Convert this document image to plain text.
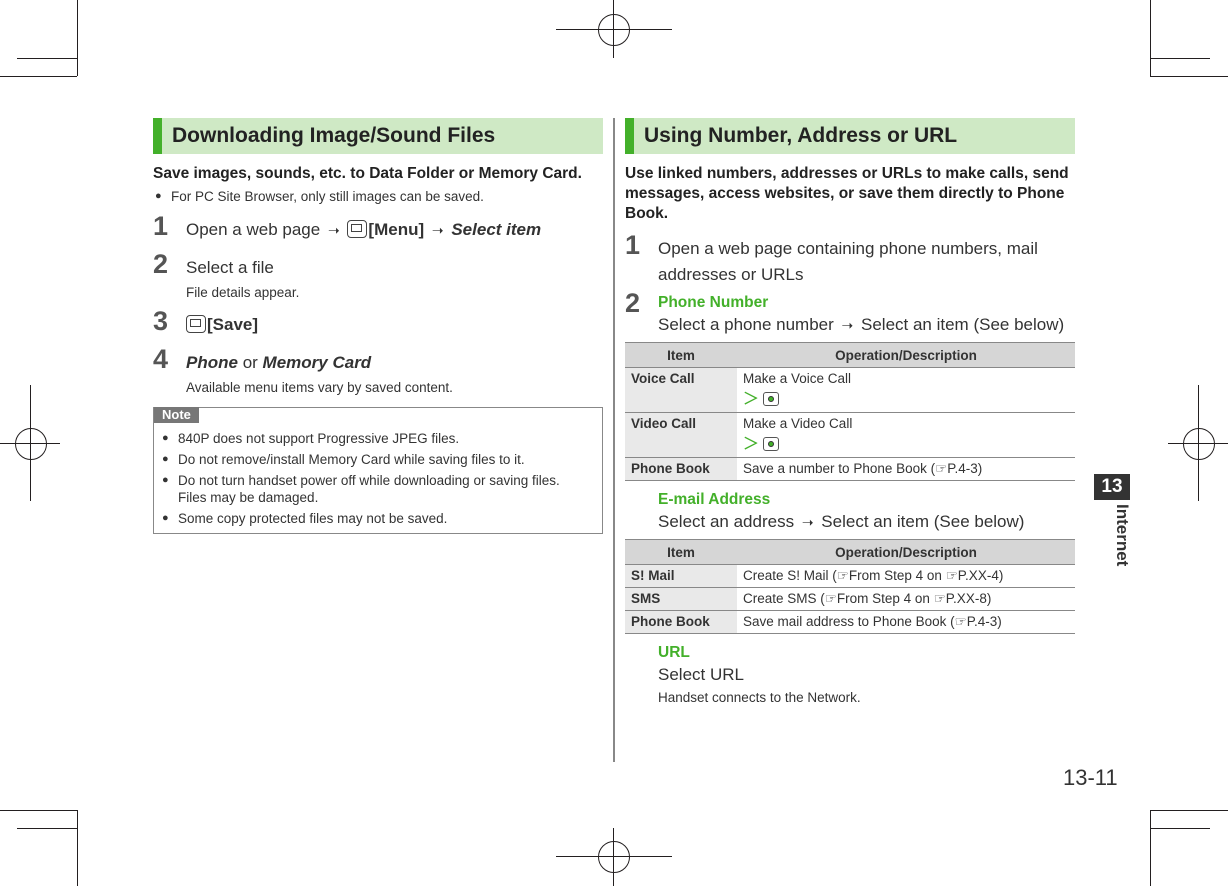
Downloading Image/Sound Files
Save images, sounds, etc. to Data Folder or Memory Card.
● For PC Site Browser, only still images can be saved.
1 Open a web page ➝ [Menu] ➝ Select item
2 Select a file
File details appear.
3	[Save]
4 Phone or Memory Card
Available menu items vary by saved content.
Note
● 840P does not support Progressive JPEG files.
● Do not remove/install Memory Card while saving files to it.
● Do not turn handset power off while downloading or saving files.
Files may be damaged.
● Some copy protected files may not be saved.
Using Number, Address or URL
Use linked numbers, addresses or URLs to make calls, send messages, access websites, or save them directly to Phone Book.
1 Open a web page containing phone numbers, mail
addresses or URLs
2 Phone Number
Select a phone number ➝ Select an item (See below)
Item	Operation/Description
Voice Call	Make a Voice Call
＞
Video Call	Make a Video Call
＞
Phone Book	Save a number to Phone Book (☞P.4-3)
E-mail Address
Select an address ➝ Select an item (See below)
Item	Operation/Description
S! Mail	Create S! Mail (☞From Step 4 on ☞P.XX-4)
SMS	Create SMS (☞From Step 4 on ☞P.XX-8)
Phone Book	Save mail address to Phone Book (☞P.4-3)
URL
Select URL
Handset connects to the Network.
13
Internet
13-11
